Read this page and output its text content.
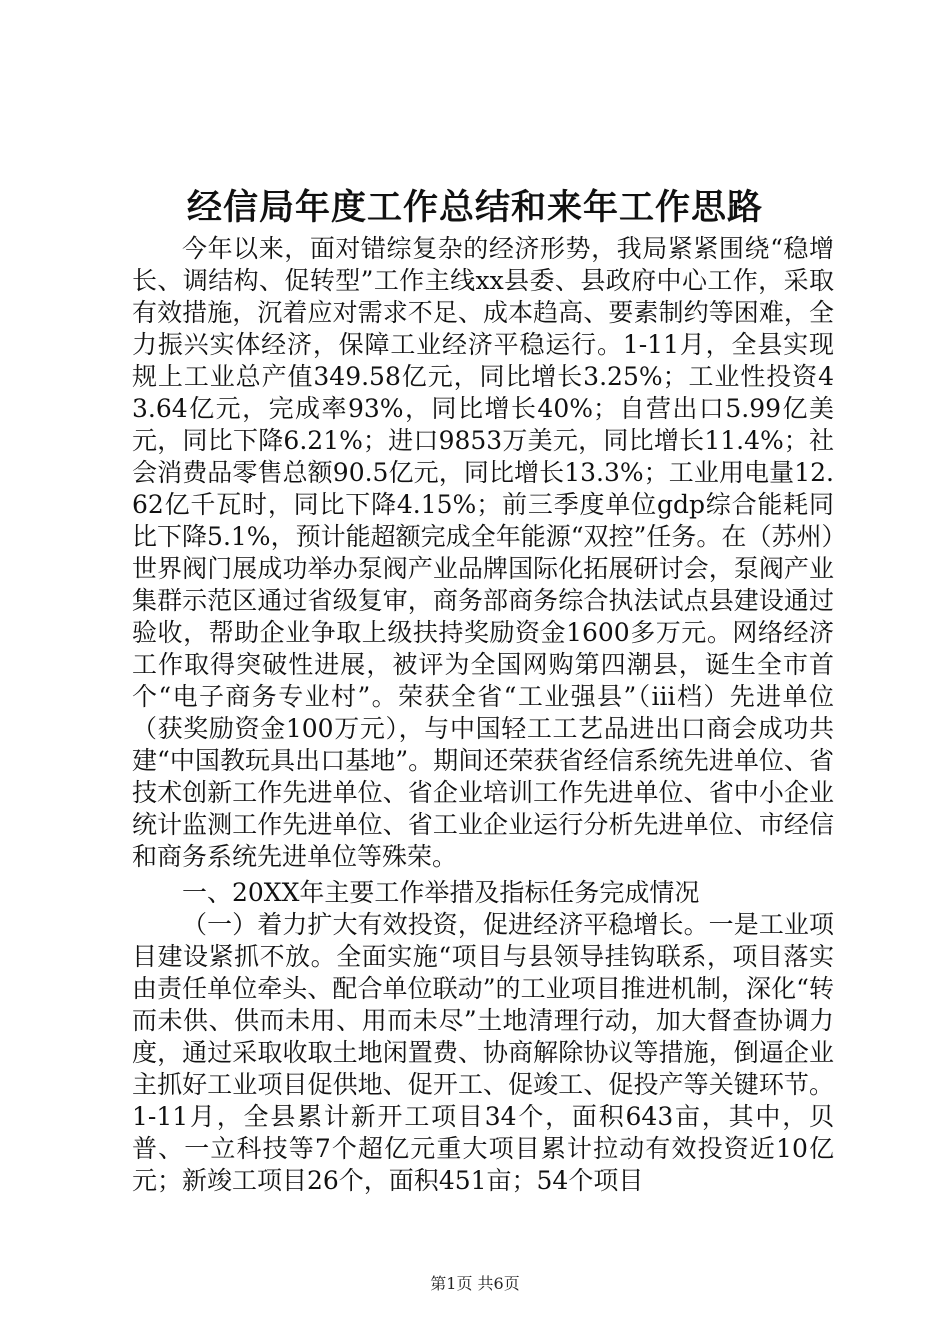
经信局年度工作总结和来年工作思路

今年以来，面对错综复杂的经济形势，我局紧紧围绕“稳增长、调结构、促转型”工作主线xx县委、县政府中心工作，采取有效措施，沉着应对需求不足、成本趋高、要素制约等困难，全力振兴实体经济，保障工业经济平稳运行。1-11月，全县实现规上工业总产值349.58亿元，同比增长3.25%；工业性投资43.64亿元，完成率93%，同比增长40%；自营出口5.99亿美元，同比下降6.21%；进口9853万美元，同比增长11.4%；社会消费品零售总额90.5亿元，同比增长13.3%；工业用电量12.62亿千瓦时，同比下降4.15%；前三季度单位gdp综合能耗同比下降5.1%，预计能超额完成全年能源“双控”任务。在（苏州）世界阀门展成功举办泵阀产业品牌国际化拓展研讨会，泵阀产业集群示范区通过省级复审，商务部商务综合执法试点县建设通过验收，帮助企业争取上级扶持奖励资金1600多万元。网络经济工作取得突破性进展，被评为全国网购第四潮县，诞生全市首个“电子商务专业村”。荣获全省“工业强县”（ⅲ档）先进单位（获奖励资金100万元），与中国轻工工艺品进出口商会成功共建“中国教玩具出口基地”。期间还荣获省经信系统先进单位、省技术创新工作先进单位、省企业培训工作先进单位、省中小企业统计监测工作先进单位、省工业企业运行分析先进单位、市经信和商务系统先进单位等殊荣。

一、20XX年主要工作举措及指标任务完成情况

（一）着力扩大有效投资，促进经济平稳增长。一是工业项目建设紧抓不放。全面实施“项目与县领导挂钩联系，项目落实由责任单位牵头、配合单位联动”的工业项目推进机制，深化“转而未供、供而未用、用而未尽”土地清理行动，加大督查协调力度，通过采取收取土地闲置费、协商解除协议等措施，倒逼企业主抓好工业项目促供地、促开工、促竣工、促投产等关键环节。1-11月，全县累计新开工项目34个，面积643亩，其中，贝普、一立科技等7个超亿元重大项目累计拉动有效投资近10亿元；新竣工项目26个，面积451亩；54个项目

第1页 共6页
